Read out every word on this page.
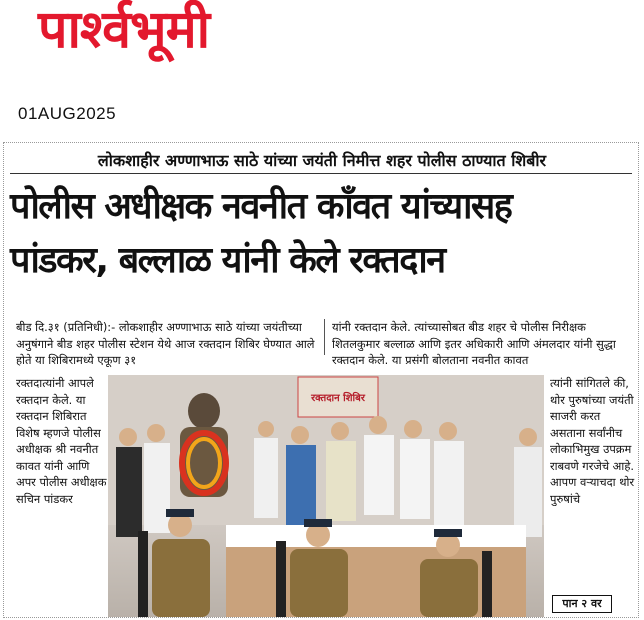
पार्श्वभूमी
01AUG2025
लोकशाहीर अण्णाभाऊ साठे यांच्या जयंती निमीत्त शहर पोलीस ठाण्यात शिबीर
पोलीस अधीक्षक नवनीत काँवत यांच्यासह
पांडकर, बल्लाळ यांनी केले रक्तदान
बीड दि.३१ (प्रतिनिधी):- लोकशाहीर अण्णाभाऊ साठे यांच्या जयंतीच्या अनुषंगाने बीड शहर पोलीस स्टेशन येथे आज रक्तदान शिबिर घेण्यात आले होते या शिबिरामध्ये एकूण ३१
यांनी रक्तदान केले. त्यांच्यासोबत बीड शहर चे पोलीस निरीक्षक शितलकुमार बल्लाळ आणि इतर अधिकारी आणि अंमलदार यांनी सुद्धा रक्तदान केले. या प्रसंगी बोलताना नवनीत कावत
रक्तदात्यांनी आपले रक्तदान केले. या रक्तदान शिबिरात विशेष म्हणजे पोलीस अधीक्षक श्री नवनीत कावत यांनी आणि अपर पोलीस अधीक्षक सचिन पांडकर
रक्तदान शिबिर
त्यांनी सांगितले की, थोर पुरुषांच्या जयंती साजरी करत असताना सर्वांनीच लोकाभिमुख उपक्रम राबवणे गरजेचे आहे. आपण वऱ्याचदा थोर पुरुषांचे
पान २ वर
